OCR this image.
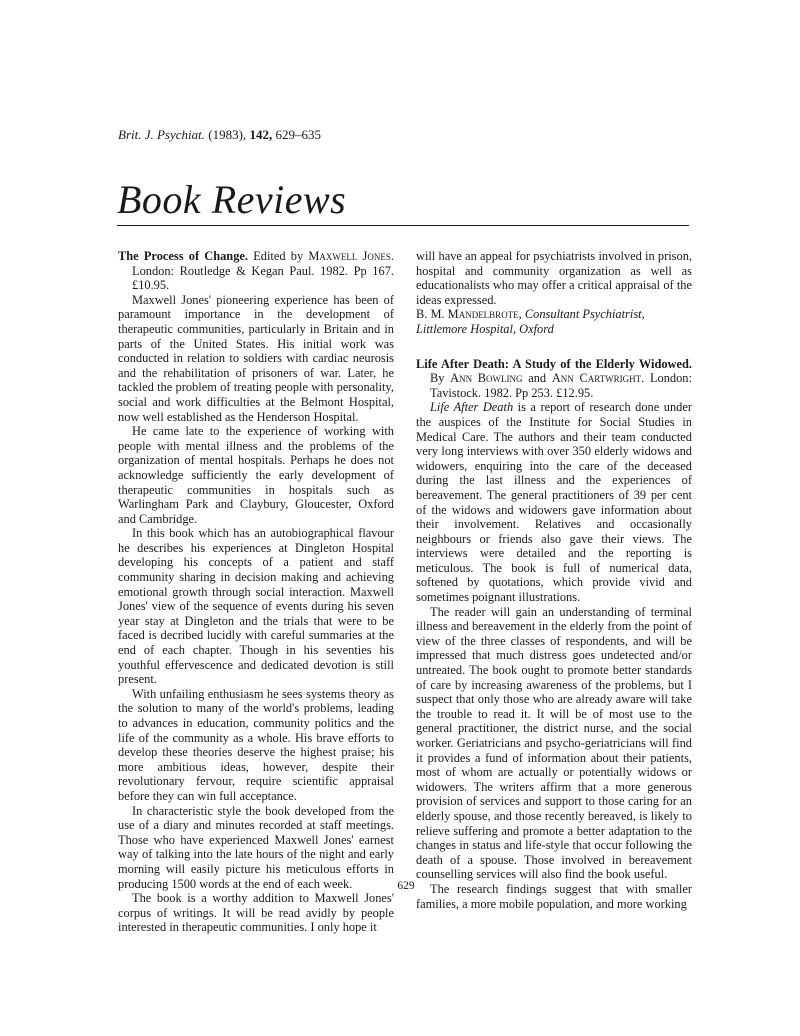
Brit. J. Psychiat. (1983), 142, 629–635
Book Reviews

The Process of Change. Edited by Maxwell Jones. London: Routledge & Kegan Paul. 1982. Pp 167. £10.95.

Maxwell Jones' pioneering experience has been of paramount importance in the development of therapeutic communities, particularly in Britain and in parts of the United States. His initial work was conducted in relation to soldiers with cardiac neurosis and the rehabilitation of prisoners of war. Later, he tackled the problem of treating people with personality, social and work difficulties at the Belmont Hospital, now well established as the Henderson Hospital.

He came late to the experience of working with people with mental illness and the problems of the organization of mental hospitals. Perhaps he does not acknowledge sufficiently the early development of therapeutic communities in hospitals such as Warlingham Park and Claybury, Gloucester, Oxford and Cambridge.

In this book which has an autobiographical flavour he describes his experiences at Dingleton Hospital developing his concepts of a patient and staff community sharing in decision making and achieving emotional growth through social interaction. Maxwell Jones' view of the sequence of events during his seven year stay at Dingleton and the trials that were to be faced is decribed lucidly with careful summaries at the end of each chapter. Though in his seventies his youthful effervescence and dedicated devotion is still present.

With unfailing enthusiasm he sees systems theory as the solution to many of the world's problems, leading to advances in education, community politics and the life of the community as a whole. His brave efforts to develop these theories deserve the highest praise; his more ambitious ideas, however, despite their revolutionary fervour, require scientific appraisal before they can win full acceptance.

In characteristic style the book developed from the use of a diary and minutes recorded at staff meetings. Those who have experienced Maxwell Jones' earnest way of talking into the late hours of the night and early morning will easily picture his meticulous efforts in producing 1500 words at the end of each week.

The book is a worthy addition to Maxwell Jones' corpus of writings. It will be read avidly by people interested in therapeutic communities. I only hope it

will have an appeal for psychiatrists involved in prison, hospital and community organization as well as educationalists who may offer a critical appraisal of the ideas expressed.

B. M. Mandelbrote, Consultant Psychiatrist,
Littlemore Hospital, Oxford

Life After Death: A Study of the Elderly Widowed. By Ann Bowling and Ann Cartwright. London: Tavistock. 1982. Pp 253. £12.95.

Life After Death is a report of research done under the auspices of the Institute for Social Studies in Medical Care. The authors and their team conducted very long interviews with over 350 elderly widows and widowers, enquiring into the care of the deceased during the last illness and the experiences of bereavement. The general practitioners of 39 per cent of the widows and widowers gave information about their involvement. Relatives and occasionally neighbours or friends also gave their views. The interviews were detailed and the reporting is meticulous. The book is full of numerical data, softened by quotations, which provide vivid and sometimes poignant illustrations.

The reader will gain an understanding of terminal illness and bereavement in the elderly from the point of view of the three classes of respondents, and will be impressed that much distress goes undetected and/or untreated. The book ought to promote better standards of care by increasing awareness of the problems, but I suspect that only those who are already aware will take the trouble to read it. It will be of most use to the general practitioner, the district nurse, and the social worker. Geriatricians and psycho-geriatricians will find it provides a fund of information about their patients, most of whom are actually or potentially widows or widowers. The writers affirm that a more generous provision of services and support to those caring for an elderly spouse, and those recently bereaved, is likely to relieve suffering and promote a better adaptation to the changes in status and life-style that occur following the death of a spouse. Those involved in bereavement counselling services will also find the book useful.

The research findings suggest that with smaller families, a more mobile population, and more working

629
